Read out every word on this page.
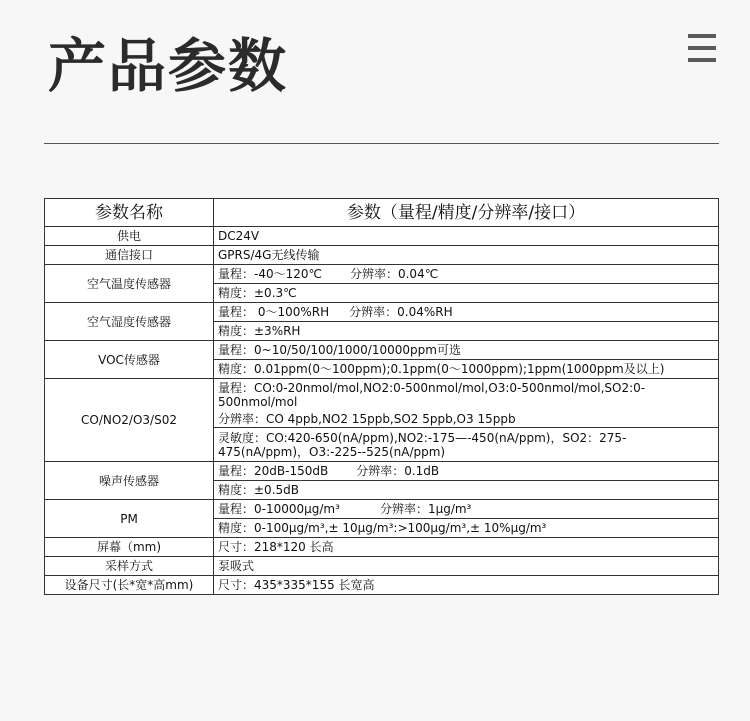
产品参数
参数名称	参数（量程/精度/分辨率/接口）
供电	DC24V
通信接口	GPRS/4G无线传输
空气温度传感器	量程：-40～120℃ 分辨率：0.04℃
	精度：±0.3℃
空气湿度传感器	量程： 0～100%RH 分辨率：0.04%RH
	精度：±3%RH
VOC传感器	量程：0~10/50/100/1000/10000ppm可选
	精度：0.01ppm(0～100ppm);0.1ppm(0～1000ppm);1ppm(1000ppm及以上)
CO/NO2/O3/S02	量程：CO:0-20nmol/mol,NO2:0-500nmol/mol,O3:0-500nmol/mol,SO2:0-500nmol/mol
分辨率：CO 4ppb,NO2 15ppb,SO2 5ppb,O3 15ppb

	灵敏度：CO:420-650(nA/ppm),NO2:-175—-450(nA/ppm)，SO2：275-475(nA/ppm)，O3:-225--525(nA/ppm)
噪声传感器	量程：20dB-150dB 分辨率：0.1dB
	精度：±0.5dB
PM	量程：0-10000μg/m³ 分辨率：1μg/m³
	精度：0-100μg/m³,± 10μg/m³:>100μg/m³,± 10%μg/m³
屏幕（mm)	尺寸：218*120 长高
采样方式	泵吸式
设备尺寸(长*宽*高mm)	尺寸：435*335*155 长宽高
